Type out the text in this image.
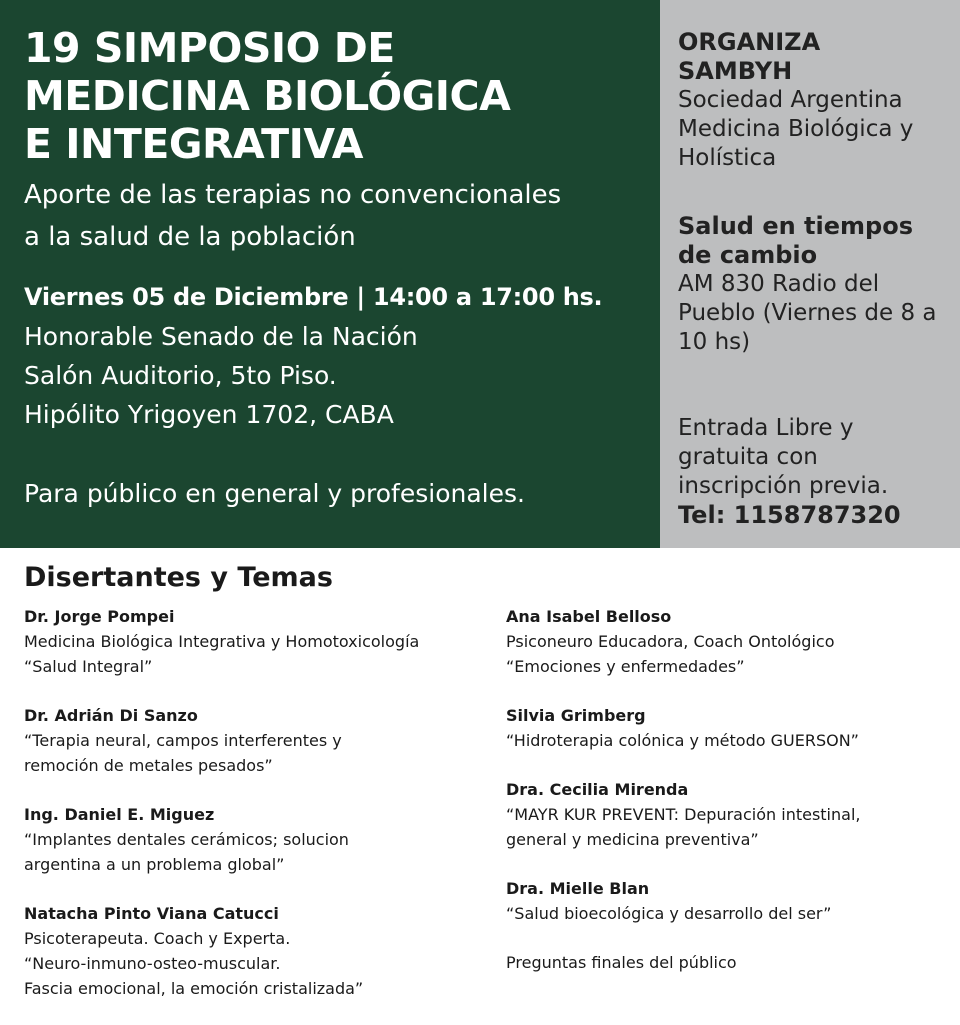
19 SIMPOSIO DE
MEDICINA BIOLÓGICA
E INTEGRATIVA
Aporte de las terapias no convencionales
a la salud de la población
Viernes 05 de Diciembre | 14:00 a 17:00 hs.
Honorable Senado de la Nación
Salón Auditorio, 5to Piso.
Hipólito Yrigoyen 1702, CABA
Para público en general y profesionales.
ORGANIZA
SAMBYH
Sociedad Argentina
Medicina Biológica y
Holística
Salud en tiempos
de cambio
AM 830 Radio del
Pueblo (Viernes de 8 a
10 hs)
Entrada Libre y
gratuita con
inscripción previa.
Tel: 1158787320
Disertantes y Temas
Dr. Jorge Pompei
Medicina Biológica Integrativa y Homotoxicología
“Salud Integral”
Dr. Adrián Di Sanzo
“Terapia neural, campos interferentes y
remoción de metales pesados”
Ing. Daniel E. Miguez
“Implantes dentales cerámicos; solucion
argentina a un problema global”
Natacha Pinto Viana Catucci
Psicoterapeuta. Coach y Experta.
“Neuro-inmuno-osteo-muscular.
Fascia emocional, la emoción cristalizada”
Ana Isabel Belloso
Psiconeuro Educadora, Coach Ontológico
“Emociones y enfermedades”
Silvia Grimberg
“Hidroterapia colónica y método GUERSON”
Dra. Cecilia Mirenda
“MAYR KUR PREVENT: Depuración intestinal,
general y medicina preventiva”
Dra. Mielle Blan
“Salud bioecológica y desarrollo del ser”
Preguntas finales del público
